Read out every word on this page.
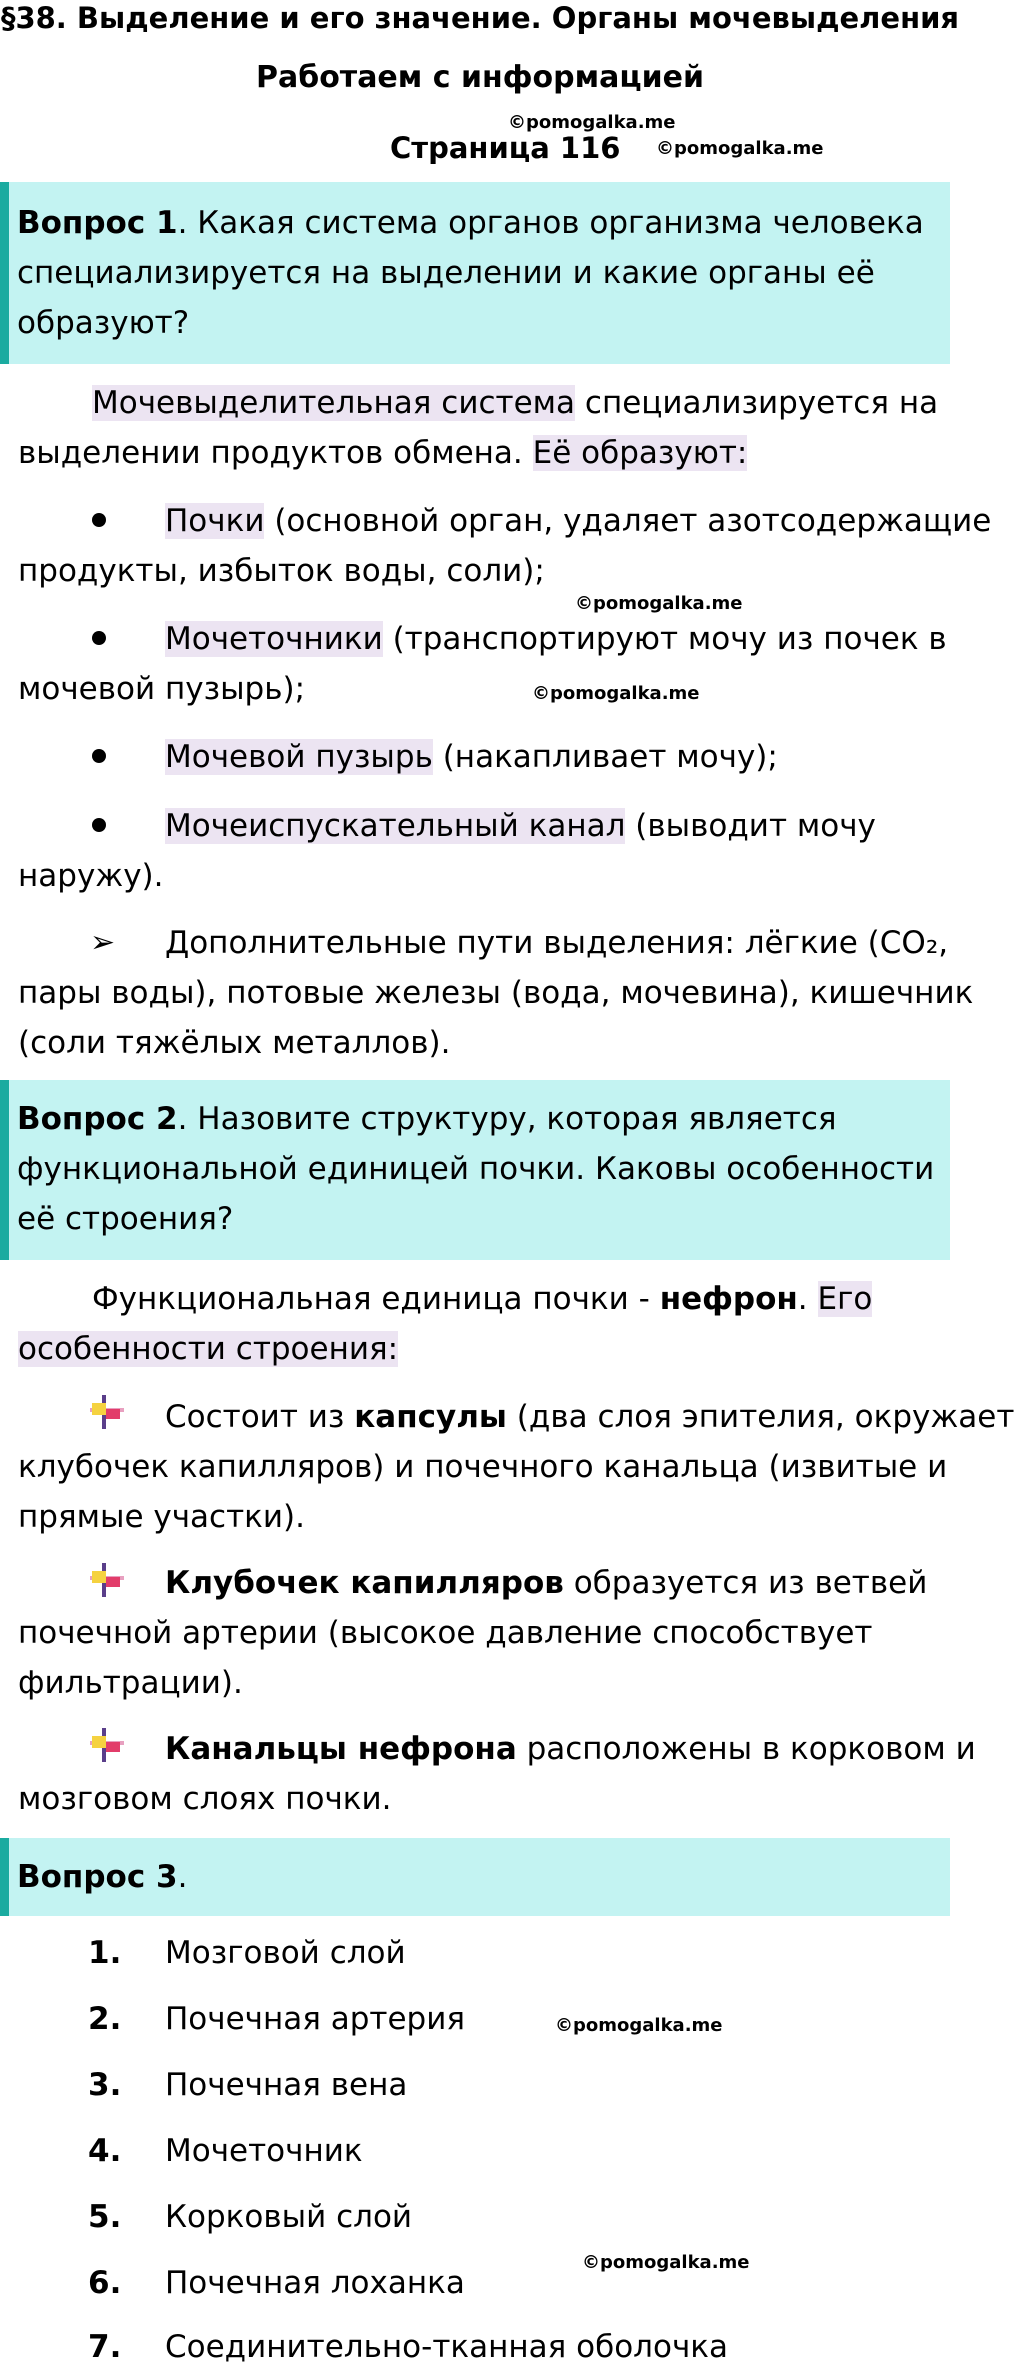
§38. Выделение и его значение. Органы мочевыделения
Работаем с информацией
©pomogalka.me
Страница 116 ©pomogalka.me
Вопрос 1. Какая система органов организма человека
специализируется на выделении и какие органы её
образуют?
Мочевыделительная система специализируется на
выделении продуктов обмена. Её образуют:
Почки (основной орган, удаляет азотсодержащие
продукты, избыток воды, соли);
©pomogalka.me
Мочеточники (транспортируют мочу из почек в
мочевой пузырь);	©pomogalka.me
Мочевой пузырь (накапливает мочу);
Мочеиспускательный канал (выводит мочу
наружу).
➢ Дополнительные пути выделения: лёгкие (CO₂,
пары воды), потовые железы (вода, мочевина), кишечник
(соли тяжёлых металлов).
Вопрос 2. Назовите структуру, которая является
функциональной единицей почки. Каковы особенности
её строения?
Функциональная единица почки - нефрон. Его
особенности строения:
Состоит из капсулы (два слоя эпителия, окружает
клубочек капилляров) и почечного канальца (извитые и
прямые участки).
Клубочек капилляров образуется из ветвей
почечной артерии (высокое давление способствует
фильтрации).
Канальцы нефрона расположены в корковом и
мозговом слоях почки.
Вопрос 3.
1. Мозговой слой
2. Почечная артерия	©pomogalka.me
3. Почечная вена
4. Мочеточник
5. Корковый слой
©pomogalka.me
6. Почечная лоханка
7. Соединительно-тканная оболочка
